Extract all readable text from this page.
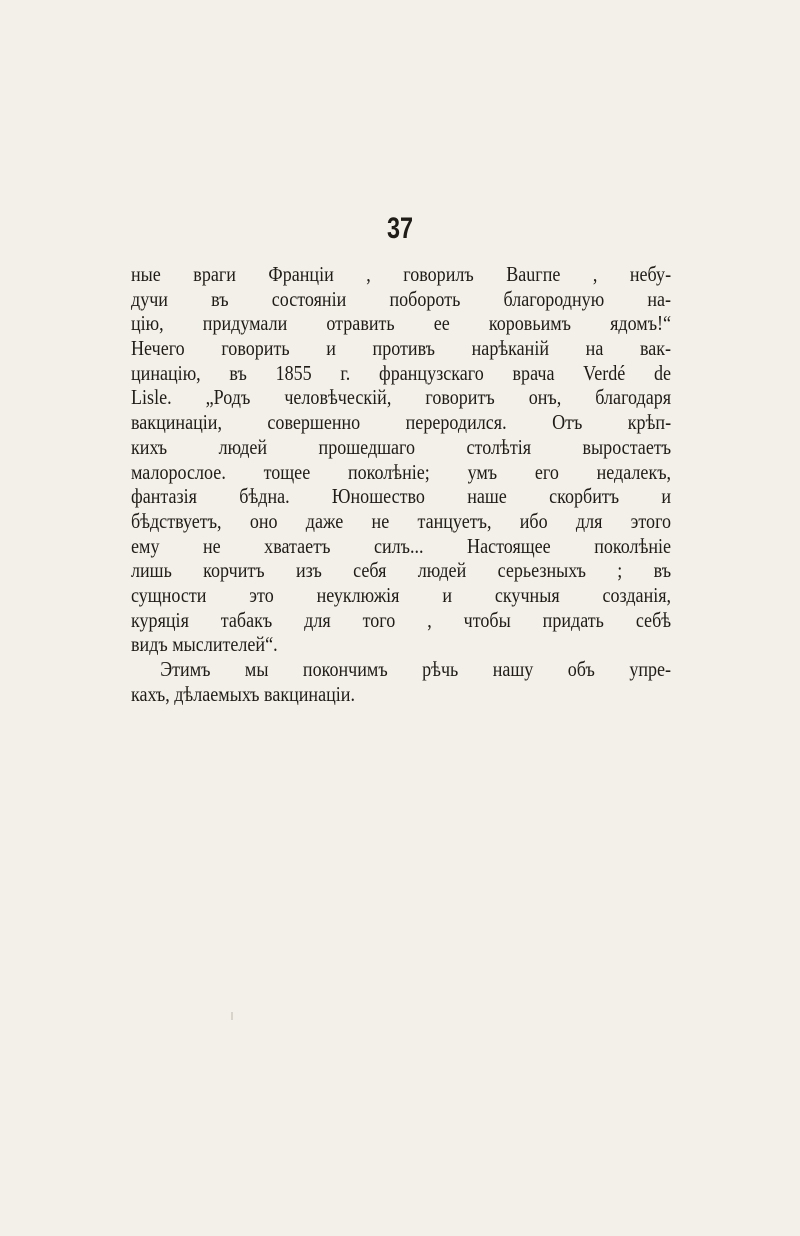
37
ные враги Франціи , говорилъ Bauгпе , небу-
дучи въ состояніи побороть благородную на-
цію, придумали отравить ее коровьимъ ядомъ!“
Нечего говорить и противъ нарѣканій на вак-
цинацію, въ 1855 г. французскаго врача Verdé de
Lisle. „Родъ человѣческій, говоритъ онъ, благодаря
вакцинаціи, совершенно переродился. Отъ крѣп-
кихъ людей прошедшаго столѣтія выростаетъ
малорослое. тощее поколѣніе; умъ его недалекъ,
фантазія бѣдна. Юношество наше скорбитъ и
бѣдствуетъ, оно даже не танцуетъ, ибо для этого
ему не хватаетъ силъ... Настоящее поколѣніе
лишь корчитъ изъ себя людей серьезныхъ ; въ
сущности это неуклюжія и скучныя созданія,
куряція табакъ для того , чтобы придать себѣ
видъ мыслителей“.
Этимъ мы покончимъ рѣчь нашу объ упре-
кахъ, дѣлаемыхъ вакцинаціи.
